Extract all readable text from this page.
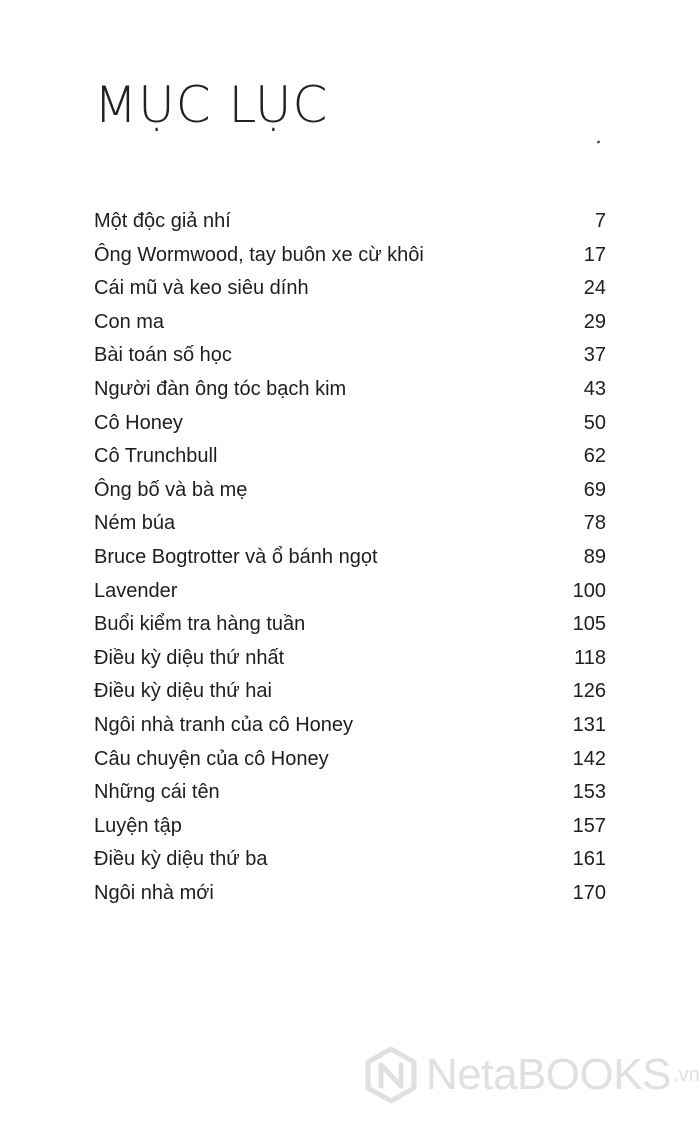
MỤC LỤC
Một độc giả nhí	7
Ông Wormwood, tay buôn xe cừ khôi	17
Cái mũ và keo siêu dính	24
Con ma	29
Bài toán số học	37
Người đàn ông tóc bạch kim	43
Cô Honey	50
Cô Trunchbull	62
Ông bố và bà mẹ	69
Ném búa	78
Bruce Bogtrotter và ổ bánh ngọt	89
Lavender	100
Buổi kiểm tra hàng tuần	105
Điều kỳ diệu thứ nhất	118
Điều kỳ diệu thứ hai	126
Ngôi nhà tranh của cô Honey	131
Câu chuyện của cô Honey	142
Những cái tên	153
Luyện tập	157
Điều kỳ diệu thứ ba	161
Ngôi nhà mới	170
NetaBOOKS .vn
